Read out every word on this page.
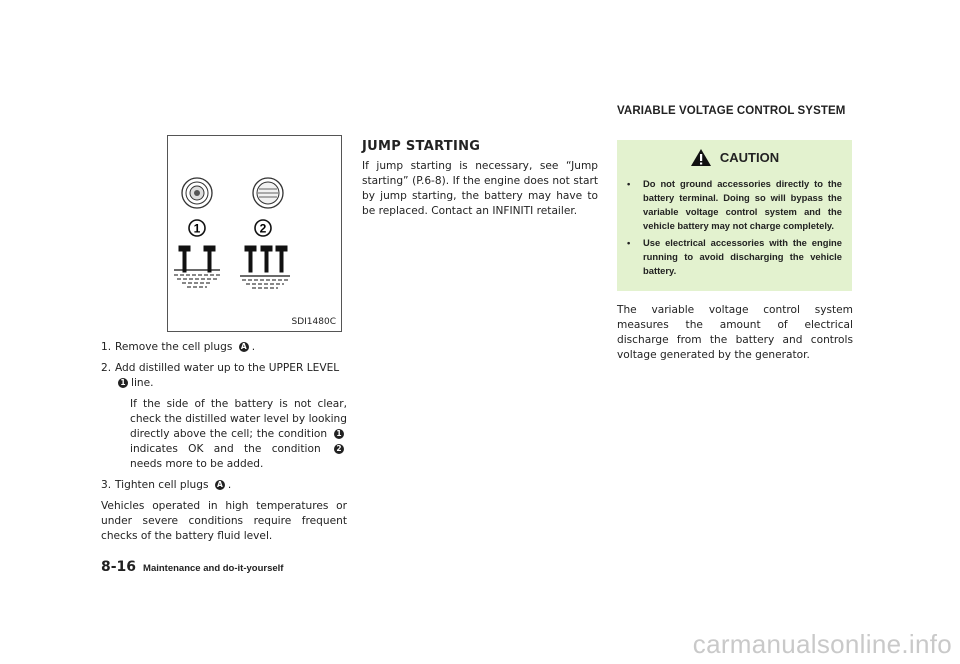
1	2
SDI1480C
1. Remove the cell plugs A .
2. Add distilled water up to the UPPER LEVEL 1 line.
If the side of the battery is not clear, check the distilled water level by looking directly above the cell; the condition 1 indicates OK and the condition 2 needs more to be added.
3. Tighten cell plugs A .

Vehicles operated in high temperatures or under severe conditions require frequent checks of the battery fluid level.

JUMP STARTING

If jump starting is necessary, see “Jump starting” (P.6-8). If the engine does not start by jump starting, the battery may have to be replaced. Contact an INFINITI retailer.

VARIABLE VOLTAGE CONTROL SYSTEM
CAUTION
•	Do not ground accessories directly to the battery terminal. Doing so will bypass the variable voltage control system and the vehicle battery may not charge completely.
•	Use electrical accessories with the engine running to avoid discharging the vehicle battery.

The variable voltage control system measures the amount of electrical discharge from the battery and controls voltage generated by the generator.

8-16 Maintenance and do-it-yourself
carmanualsonline.info
